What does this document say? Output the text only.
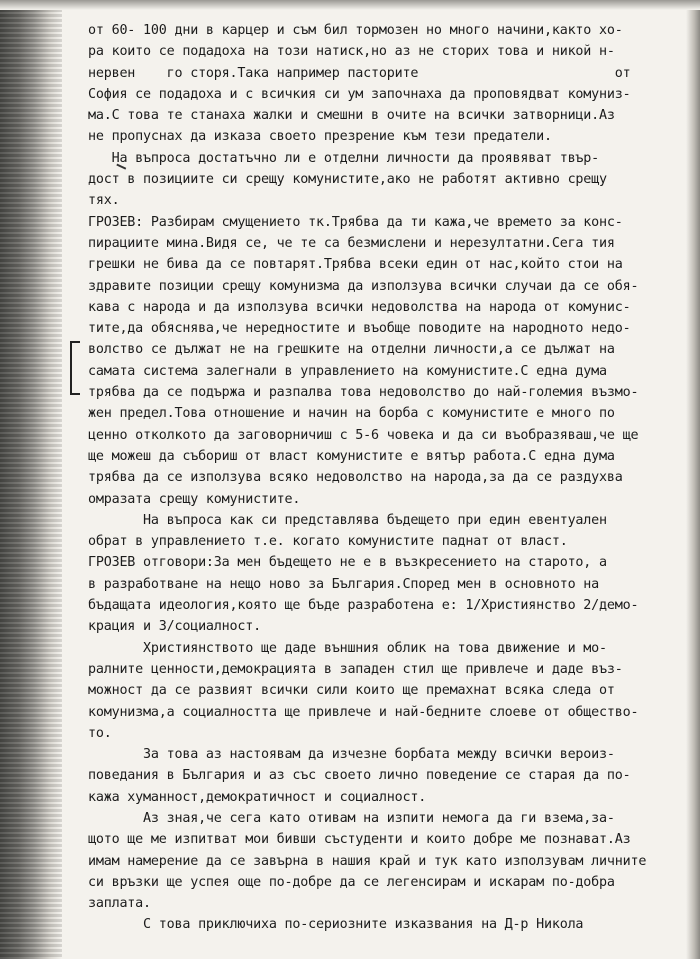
от 60- 100 дни в карцер и съм бил тормозен но много начини,както хо-
ра които се подадоха на този натиск,но аз не сторих това и никой н-
нервен    го сторя.Така например пасторите                         от
София се подадоха и с всичкия си ум започнаха да проповядват комуниз-
ма.С това те станаха жалки и смешни в очите на всички затворници.Аз
не пропуснах да изказа своето презрение към тези предатели.
На въпроса достатъчно ли е отделни личности да проявяват твър-
дост в позициите си срещу комунистите,ако не работят активно срещу
тях.
ГРОЗЕВ: Разбирам смущението тк.Трябва да ти кажа,че времето за конс-
пирациите мина.Видя се, че те са безмислени и нерезултатни.Сега тия
грешки не бива да се повтарят.Трябва всеки един от нас,който стои на
здравите позиции срещу комунизма да използува всички случаи да се обя-
кава с народа и да използува всички недоволства на народа от комунис-
тите,да обяснява,че нередностите и въобще поводите на народното недо-
волство се дължат не на грешките на отделни личности,а се дължат на
самата система залегнали в управлението на комунистите.С една дума
трябва да се подържа и разпалва това недоволство до най-големия възмо-
жен предел.Това отношение и начин на борба с комунистите е много по
ценно отколкото да заговорничиш с 5-6 човека и да си въобразяваш,че ще
ще можеш да събориш от власт комунистите е вятър работа.С една дума
трябва да се използува всяко недоволство на народа,за да се раздухва
омразата срещу комунистите.
На въпроса как си представлява бъдещето при един евентуален
обрат в управлението т.е. когато комунистите паднат от власт.
ГРОЗЕВ отговори:За мен бъдещето не е в възкресението на старото, а
в разработване на нещо ново за България.Според мен в основното на
бъдащата идеология,която ще бъде разработена е: 1/Християнство 2/демо-
крация и 3/социалност.
Християнството ще даде външния облик на това движение и мо-
ралните ценности,демокрацията в западен стил ще привлече и даде въз-
можност да се развият всички сили които ще премахнат всяка следа от
комунизма,а социалността ще привлече и най-бедните слоеве от общество-
то.
За това аз настоявам да изчезне борбата между всички вероиз-
поведания в България и аз със своето лично поведение се старая да по-
кажа хуманност,демократичност и социалност.
Аз зная,че сега като отивам на изпити немога да ги взема,за-
щото ще ме изпитват мои бивши състуденти и които добре ме познават.Аз
имам намерение да се завърна в нашия край и тук като използувам личните
си връзки ще успея още по-добре да се легенсирам и искарам по-добра
заплата.
С това приключиха по-сериозните изказвания на Д-р Никола
